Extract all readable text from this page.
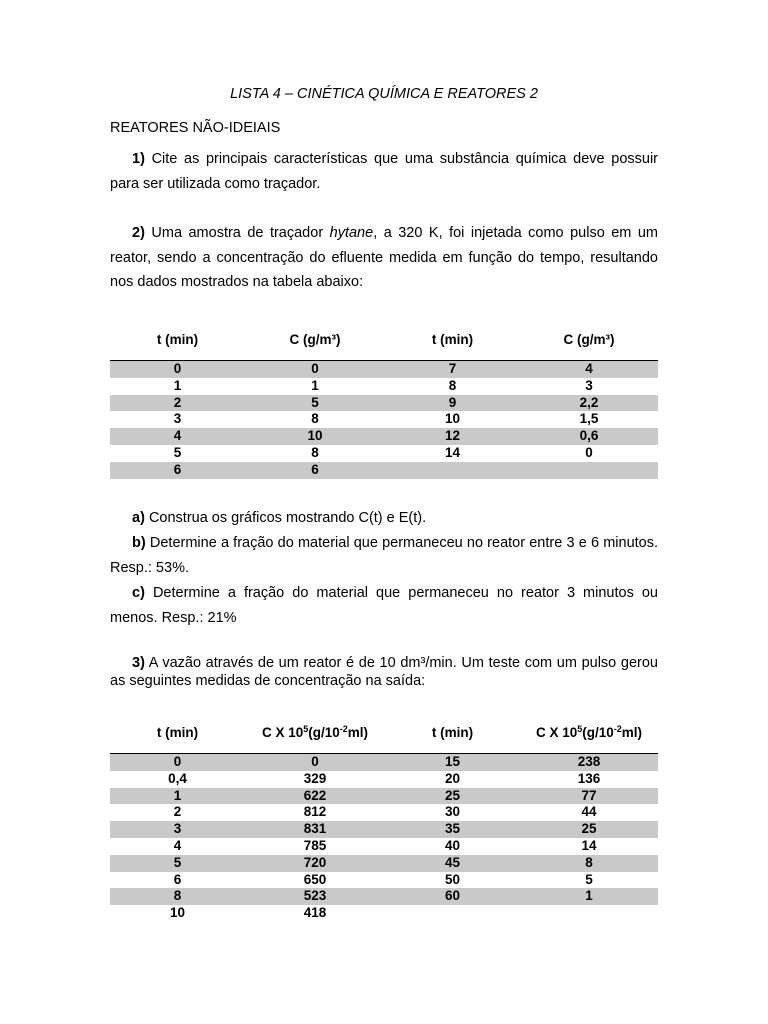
LISTA 4 – CINÉTICA QUÍMICA E REATORES 2
REATORES NÃO-IDEIAIS
1) Cite as principais características que uma substância química deve possuir para ser utilizada como traçador.
2) Uma amostra de traçador hytane, a 320 K, foi injetada como pulso em um reator, sendo a concentração do efluente medida em função do tempo, resultando nos dados mostrados na tabela abaixo:
t (min)	C (g/m³)	t (min)	C (g/m³)
0	0	7	4
1	1	8	3
2	5	9	2,2
3	8	10	1,5
4	10	12	0,6
5	8	14	0
6	6		
a) Construa os gráficos mostrando C(t) e E(t).
b) Determine a fração do material que permaneceu no reator entre 3 e 6 minutos. Resp.: 53%.
c) Determine a fração do material que permaneceu no reator 3 minutos ou menos. Resp.: 21%
3) A vazão através de um reator é de 10 dm³/min. Um teste com um pulso gerou as seguintes medidas de concentração na saída:
t (min)	C X $10^5(g/10^{-2}ml)$	t (min)	C X $10^5(g/10^{-2}ml)$
0	0	15	238
0,4	329	20	136
1	622	25	77
2	812	30	44
3	831	35	25
4	785	40	14
5	720	45	8
6	650	50	5
8	523	60	1
10	418		
